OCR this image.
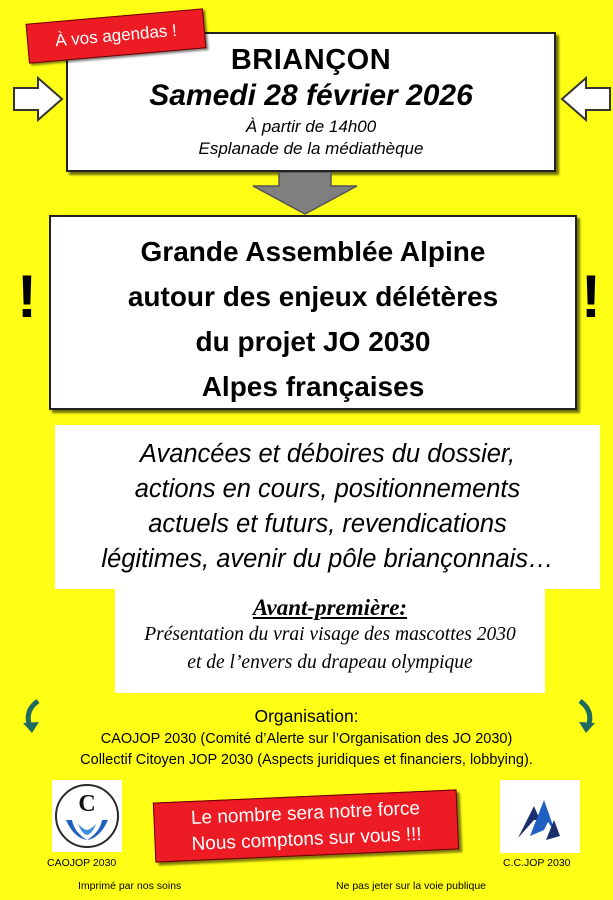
BRIANÇON
Samedi 28 février 2026
À partir de 14h00
Esplanade de la médiathèque
À vos agendas !
!	!
Grande Assemblée Alpine
autour des enjeux délétères
du projet JO 2030
Alpes françaises
Avancées et déboires du dossier,
actions en cours, positionnements
actuels et futurs, revendications
légitimes, avenir du pôle briançonnais…
Avant-première:
Présentation du vrai visage des mascottes 2030
et de l’envers du drapeau olympique
Organisation:
CAOJOP 2030 (Comité d’Alerte sur l’Organisation des JO 2030)
Collectif Citoyen JOP 2030 (Aspects juridiques et financiers, lobbying).
C
CAOJOP 2030	C.C.JOP 2030
Le nombre sera notre force
Nous comptons sur vous !!!
Imprimé par nos soins	Ne pas jeter sur la voie publique
